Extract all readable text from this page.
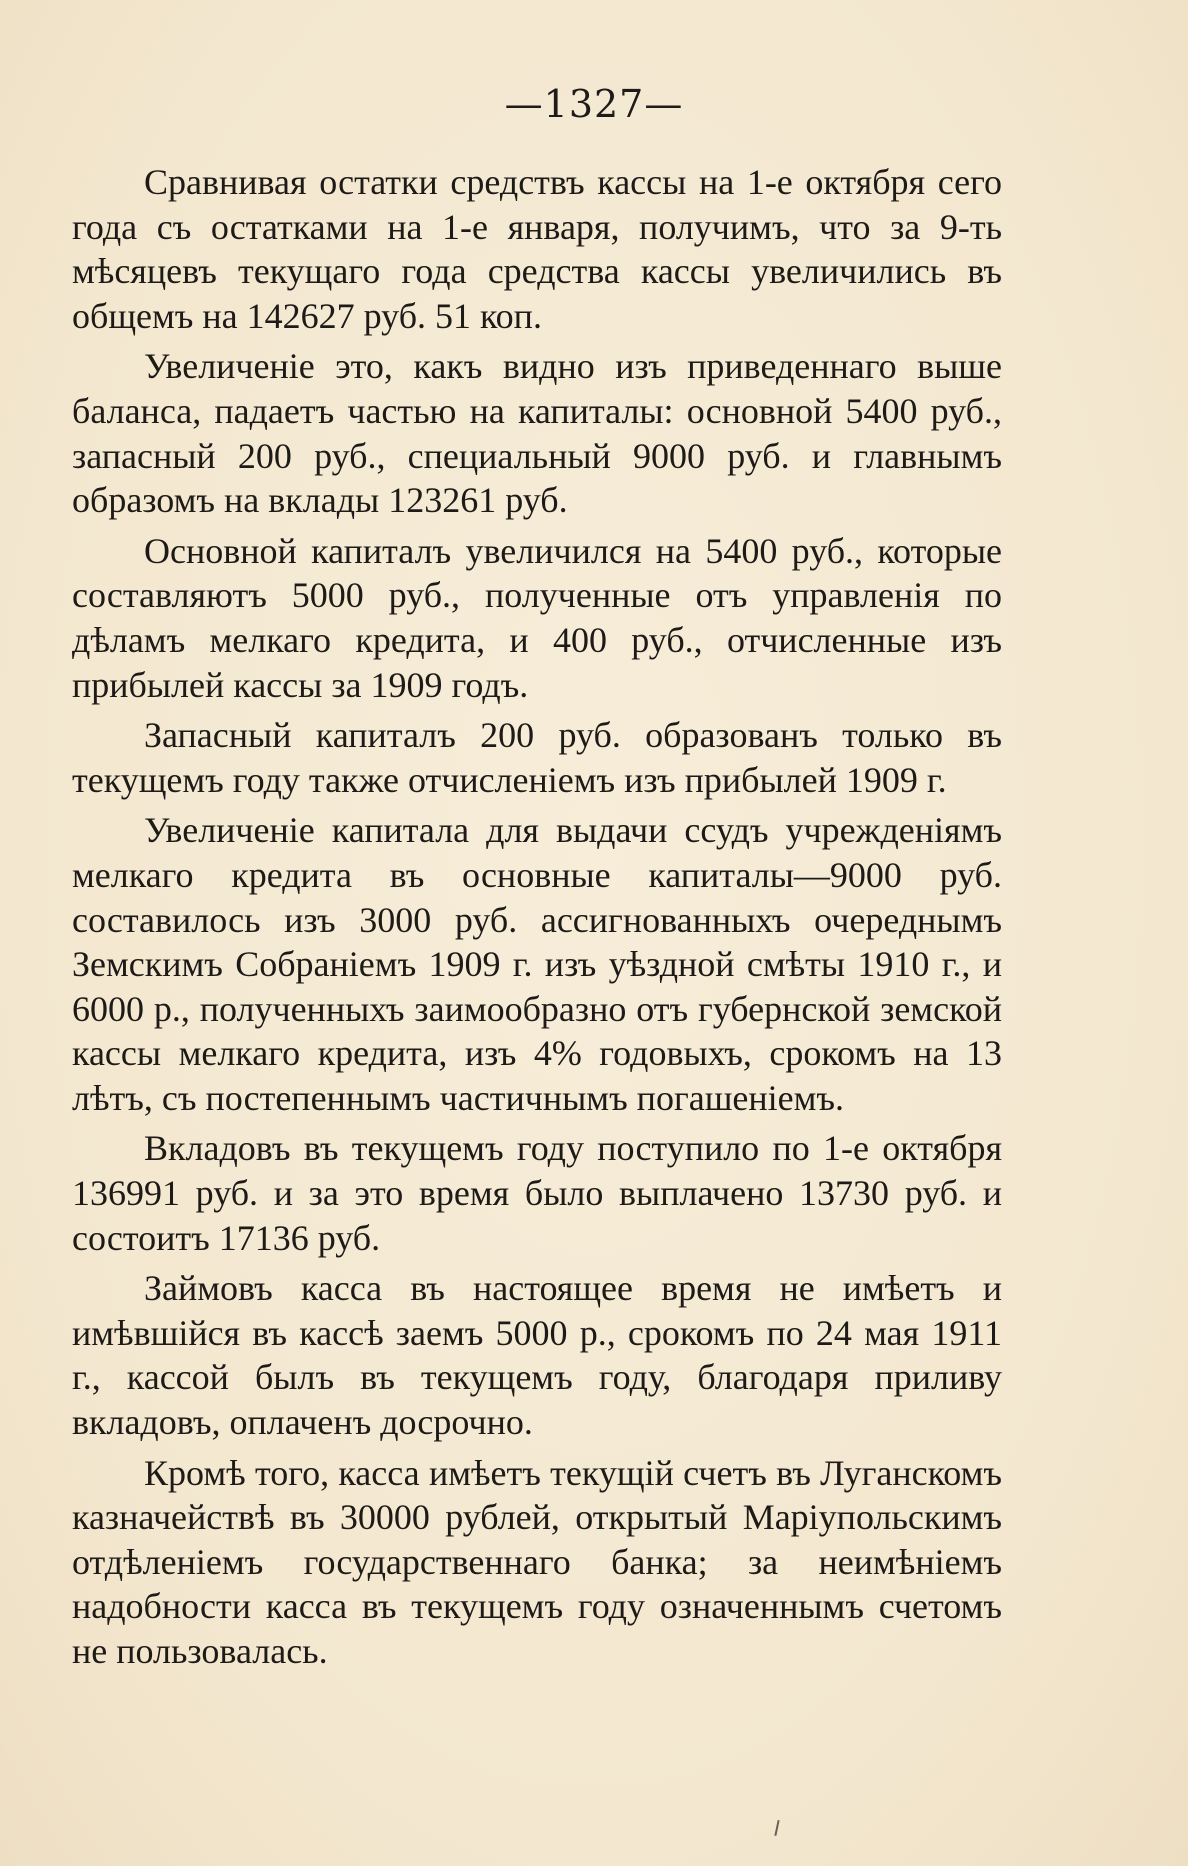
—1327—

Сравнивая остатки средствъ кассы на 1-е октября сего года съ остатками на 1-е января, получимъ, что за 9-ть мѣсяцевъ текущаго года средства кассы увеличились въ общемъ на 142627 руб. 51 коп.

Увеличенiе это, какъ видно изъ приведеннаго выше баланса, падаетъ частью на капиталы: основной 5400 руб., запасный 200 руб., специальный 9000 руб. и главнымъ образомъ на вклады 123261 руб.

Основной капиталъ увеличился на 5400 руб., которые составляютъ 5000 руб., полученные отъ управленiя по дѣламъ мелкаго кредита, и 400 руб., отчисленные изъ прибылей кассы за 1909 годъ.

Запасный капиталъ 200 руб. образованъ только въ текущемъ году также отчисленiемъ изъ прибылей 1909 г.

Увеличенiе капитала для выдачи ссудъ учрежденiямъ мелкаго кредита въ основные капиталы—9000 руб. составилось изъ 3000 руб. ассигнованныхъ очереднымъ Земскимъ Собранiемъ 1909 г. изъ уѣздной смѣты 1910 г., и 6000 р., полученныхъ заимообразно отъ губернской земской кассы мелкаго кредита, изъ 4% годовыхъ, срокомъ на 13 лѣтъ, съ постепеннымъ частичнымъ погашенiемъ.

Вкладовъ въ текущемъ году поступило по 1-е октября 136991 руб. и за это время было выплачено 13730 руб. и состоитъ 17136 руб.

Займовъ касса въ настоящее время не имѣетъ и имѣвшiйся въ кассѣ заемъ 5000 р., срокомъ по 24 мая 1911 г., кассой былъ въ текущемъ году, благодаря приливу вкладовъ, оплаченъ досрочно.

Кромѣ того, касса имѣетъ текущiй счетъ въ Луганскомъ казначействѣ въ 30000 рублей, открытый Марiупольскимъ отдѣленiемъ государственнаго банка; за неимѣнiемъ надобности касса въ текущемъ году означеннымъ счетомъ не пользовалась.
